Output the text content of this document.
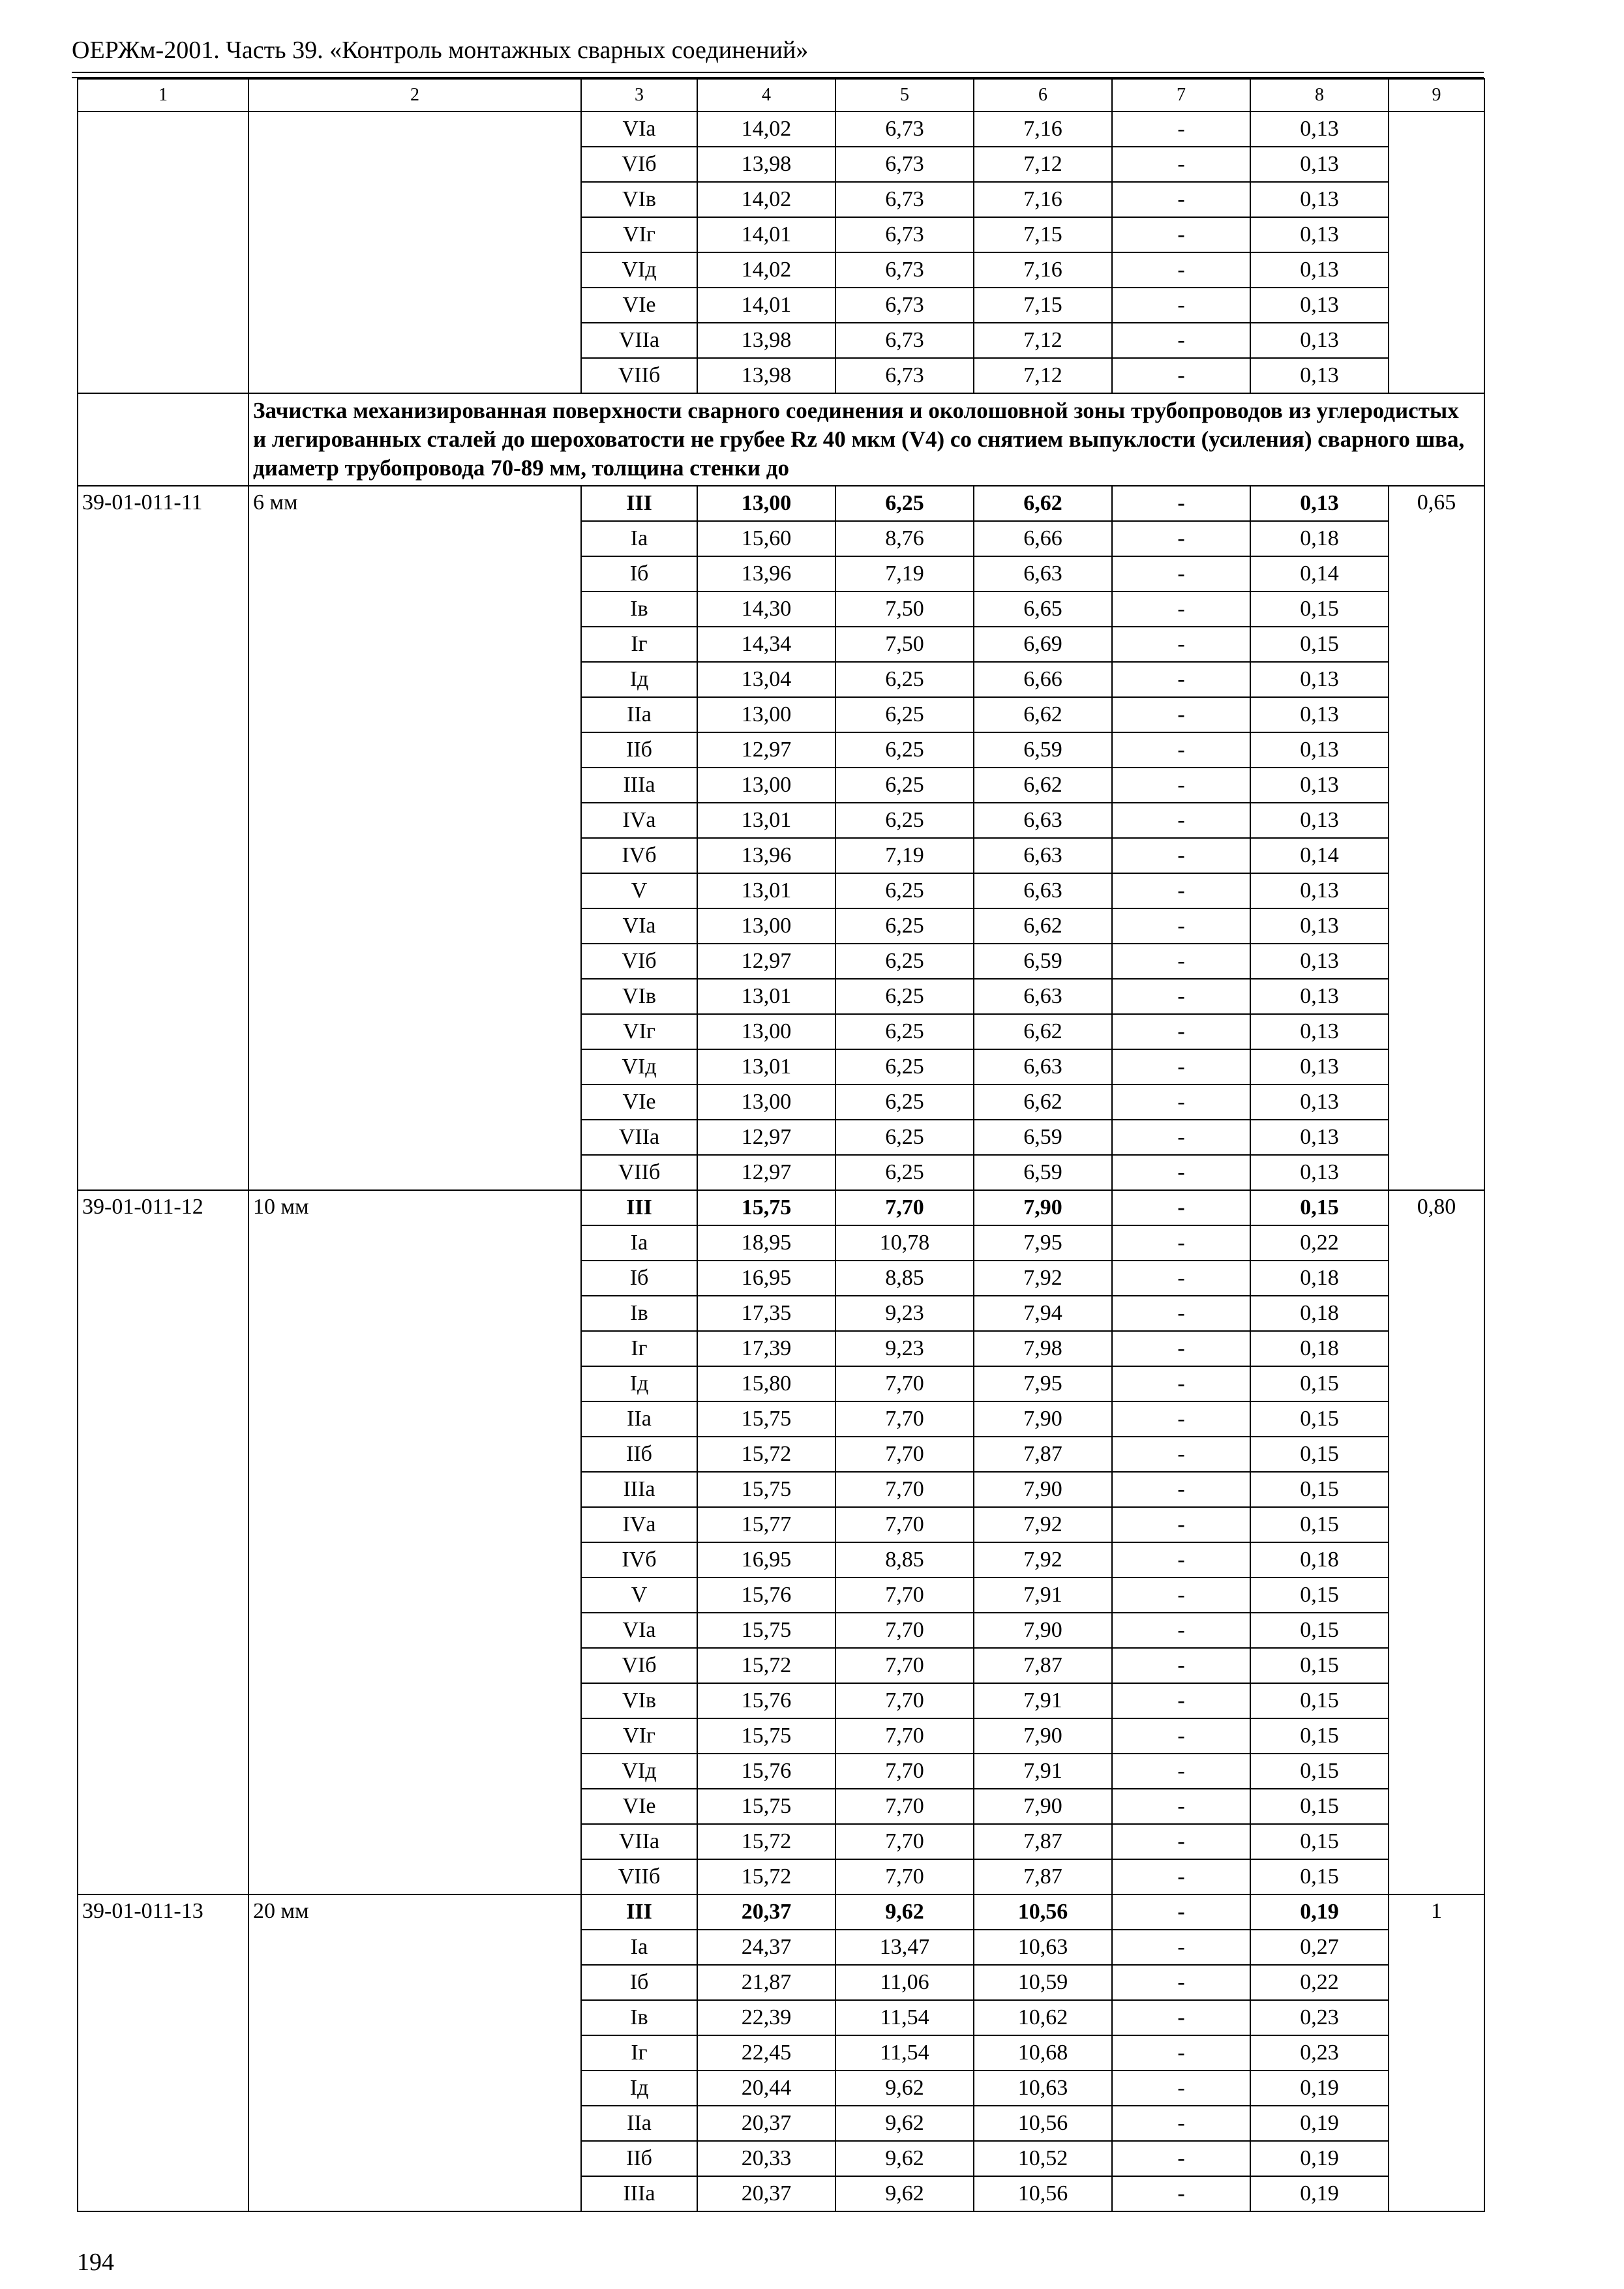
ОЕРЖм-2001. Часть 39. «Контроль монтажных сварных соединений»
1	2	3	4	5	6	7	8	9
		VIа	14,02	6,73	7,16	-	0,13	
		VIб	13,98	6,73	7,12	-	0,13	
		VIв	14,02	6,73	7,16	-	0,13	
		VIг	14,01	6,73	7,15	-	0,13	
		VIд	14,02	6,73	7,16	-	0,13	
		VIе	14,01	6,73	7,15	-	0,13	
		VIIа	13,98	6,73	7,12	-	0,13	
		VIIб	13,98	6,73	7,12	-	0,13	
	Зачистка механизированная поверхности сварного соединения и околошовной зоны трубопроводов из углеродистых и легированных сталей до шероховатости не грубее Rz 40 мкм (V4) со снятием выпуклости (усиления) сварного шва, диаметр трубопровода 70-89 мм, толщина стенки до							
39-01-011-11	6 мм	III	13,00	6,25	6,62	-	0,13	0,65
		Iа	15,60	8,76	6,66	-	0,18	
		Iб	13,96	7,19	6,63	-	0,14	
		Iв	14,30	7,50	6,65	-	0,15	
		Iг	14,34	7,50	6,69	-	0,15	
		Iд	13,04	6,25	6,66	-	0,13	
		IIа	13,00	6,25	6,62	-	0,13	
		IIб	12,97	6,25	6,59	-	0,13	
		IIIа	13,00	6,25	6,62	-	0,13	
		IVа	13,01	6,25	6,63	-	0,13	
		IVб	13,96	7,19	6,63	-	0,14	
		V	13,01	6,25	6,63	-	0,13	
		VIа	13,00	6,25	6,62	-	0,13	
		VIб	12,97	6,25	6,59	-	0,13	
		VIв	13,01	6,25	6,63	-	0,13	
		VIг	13,00	6,25	6,62	-	0,13	
		VIд	13,01	6,25	6,63	-	0,13	
		VIе	13,00	6,25	6,62	-	0,13	
		VIIа	12,97	6,25	6,59	-	0,13	
		VIIб	12,97	6,25	6,59	-	0,13	
39-01-011-12	10 мм	III	15,75	7,70	7,90	-	0,15	0,80
		Iа	18,95	10,78	7,95	-	0,22	
		Iб	16,95	8,85	7,92	-	0,18	
		Iв	17,35	9,23	7,94	-	0,18	
		Iг	17,39	9,23	7,98	-	0,18	
		Iд	15,80	7,70	7,95	-	0,15	
		IIа	15,75	7,70	7,90	-	0,15	
		IIб	15,72	7,70	7,87	-	0,15	
		IIIа	15,75	7,70	7,90	-	0,15	
		IVа	15,77	7,70	7,92	-	0,15	
		IVб	16,95	8,85	7,92	-	0,18	
		V	15,76	7,70	7,91	-	0,15	
		VIа	15,75	7,70	7,90	-	0,15	
		VIб	15,72	7,70	7,87	-	0,15	
		VIв	15,76	7,70	7,91	-	0,15	
		VIг	15,75	7,70	7,90	-	0,15	
		VIд	15,76	7,70	7,91	-	0,15	
		VIе	15,75	7,70	7,90	-	0,15	
		VIIа	15,72	7,70	7,87	-	0,15	
		VIIб	15,72	7,70	7,87	-	0,15	
39-01-011-13	20 мм	III	20,37	9,62	10,56	-	0,19	1
		Iа	24,37	13,47	10,63	-	0,27	
		Iб	21,87	11,06	10,59	-	0,22	
		Iв	22,39	11,54	10,62	-	0,23	
		Iг	22,45	11,54	10,68	-	0,23	
		Iд	20,44	9,62	10,63	-	0,19	
		IIа	20,37	9,62	10,56	-	0,19	
		IIб	20,33	9,62	10,52	-	0,19	
		IIIа	20,37	9,62	10,56	-	0,19	
194
